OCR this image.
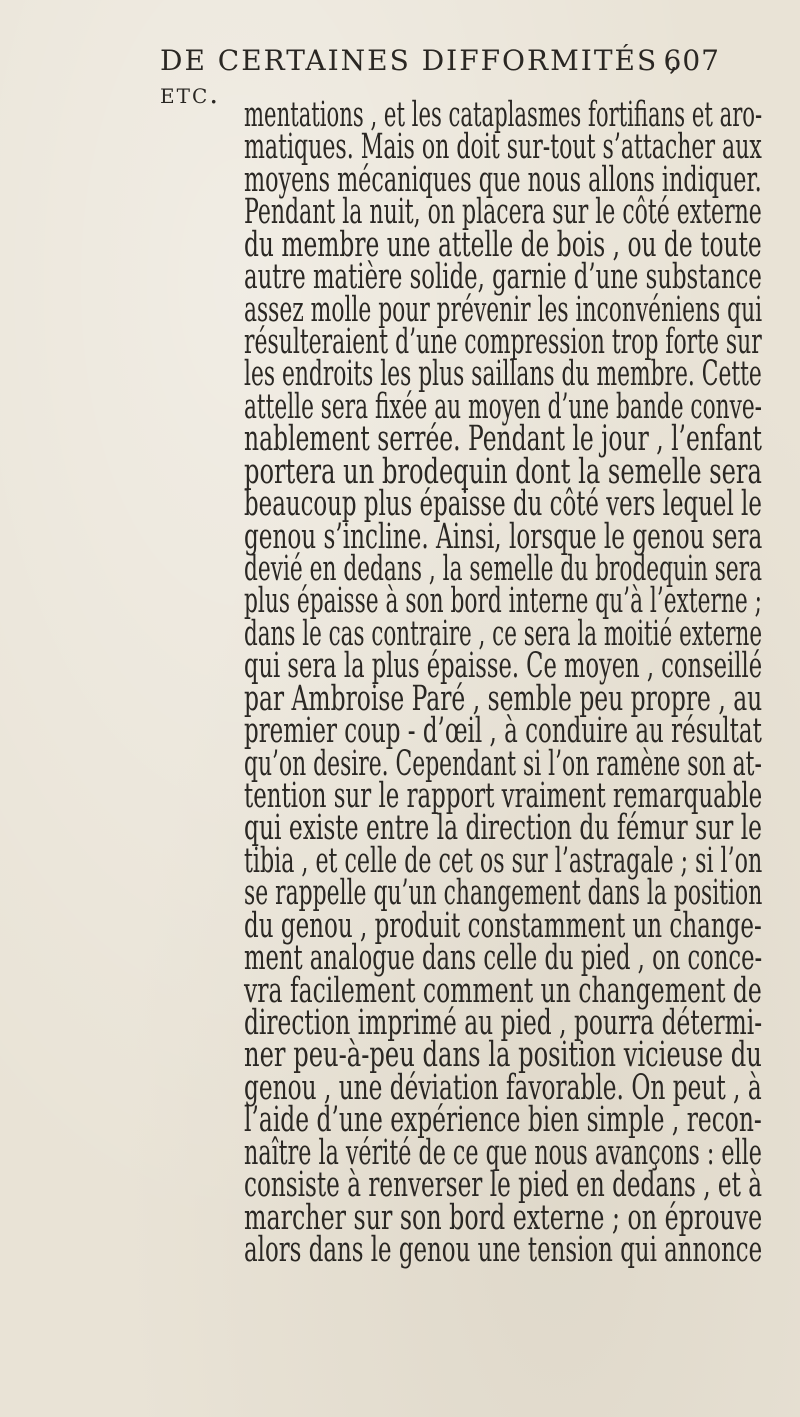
DE CERTAINES DIFFORMITÉS , etc.
607
mentations , et les cataplasmes fortifians et aro-
matiques. Mais on doit sur-tout s’attacher aux
moyens mécaniques que nous allons indiquer.
Pendant la nuit, on placera sur le côté externe
du membre une attelle de bois , ou de toute
autre matière solide, garnie d’une substance
assez molle pour prévenir les inconvéniens qui
résulteraient d’une compression trop forte sur
les endroits les plus saillans du membre. Cette
attelle sera fixée au moyen d’une bande conve-
nablement serrée. Pendant le jour , l’enfant
portera un brodequin dont la semelle sera
beaucoup plus épaisse du côté vers lequel le
genou s’incline. Ainsi, lorsque le genou sera
devié en dedans , la semelle du brodequin sera
plus épaisse à son bord interne qu’à l’externe ;
dans le cas contraire , ce sera la moitié externe
qui sera la plus épaisse. Ce moyen , conseillé
par Ambroise Paré , semble peu propre , au
premier coup - d’œil , à conduire au résultat
qu’on desire. Cependant si l’on ramène son at-
tention sur le rapport vraiment remarquable
qui existe entre la direction du fémur sur le
tibia , et celle de cet os sur l’astragale ; si l’on
se rappelle qu’un changement dans la position
du genou , produit constamment un change-
ment analogue dans celle du pied , on conce-
vra facilement comment un changement de
direction imprimé au pied , pourra détermi-
ner peu-à-peu dans la position vicieuse du
genou , une déviation favorable. On peut , à
l’aide d’une expérience bien simple , recon-
naître la vérité de ce que nous avançons : elle
consiste à renverser le pied en dedans , et à
marcher sur son bord externe ; on éprouve
alors dans le genou une tension qui annonce
